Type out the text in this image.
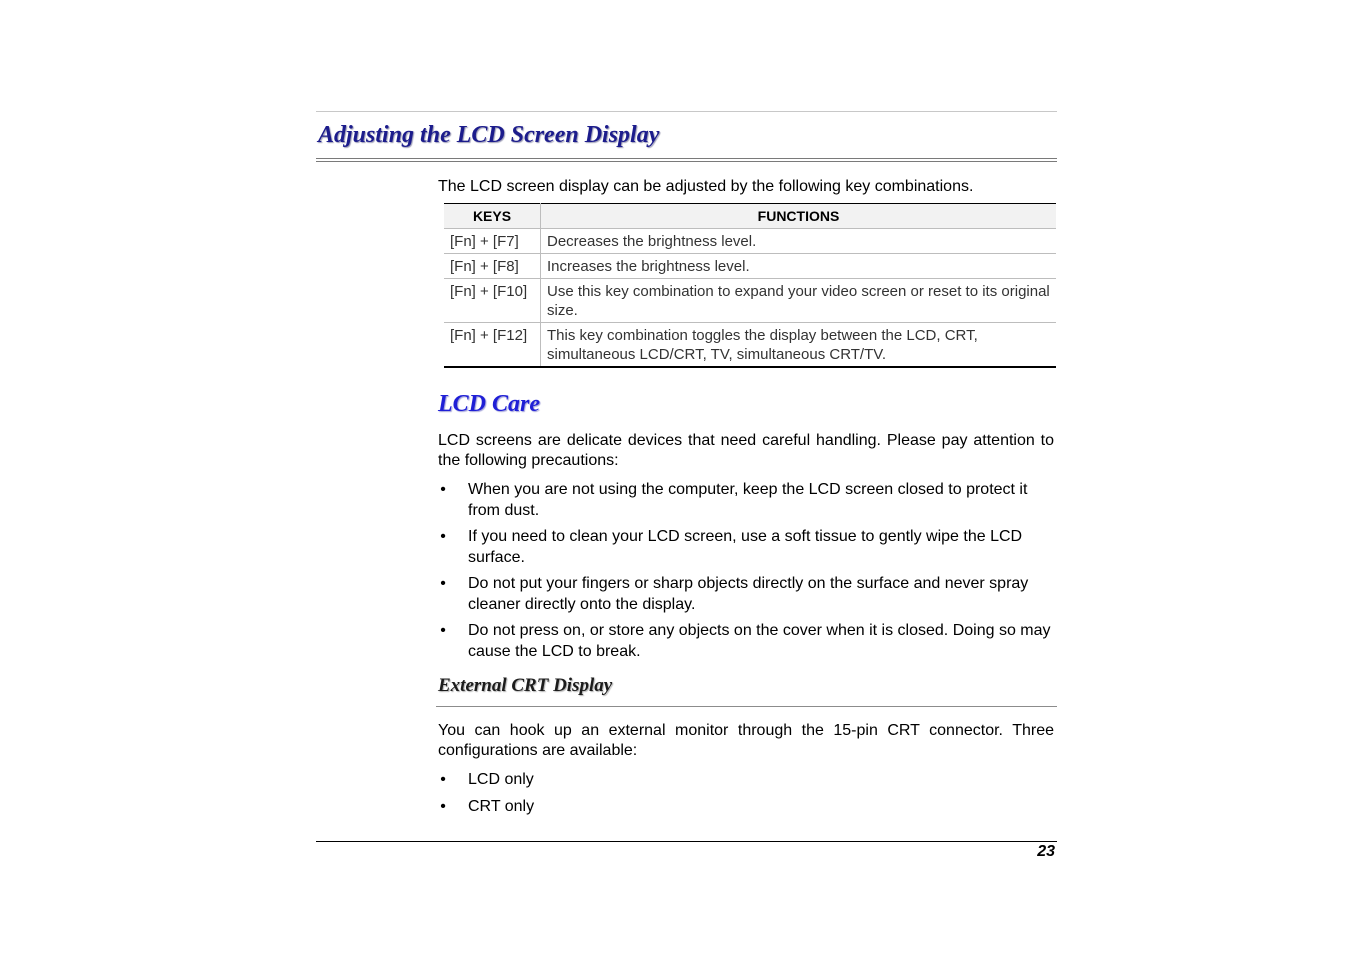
Adjusting the LCD Screen Display

The LCD screen display can be adjusted by the following key combinations.

KEYS	FUNCTIONS
[Fn] + [F7]	Decreases the brightness level.
[Fn] + [F8]	Increases the brightness level.
[Fn] + [F10]	Use this key combination to expand your video screen or reset to its original size.
[Fn] + [F12]	This key combination toggles the display between the LCD, CRT, simultaneous LCD/CRT, TV, simultaneous CRT/TV.
LCD Care

LCD screens are delicate devices that need careful handling. Please pay attention to the following precautions:

• When you are not using the computer, keep the LCD screen closed to protect it from dust.
• If you need to clean your LCD screen, use a soft tissue to gently wipe the LCD surface.
• Do not put your fingers or sharp objects directly on the surface and never spray cleaner directly onto the display.
• Do not press on, or store any objects on the cover when it is closed. Doing so may cause the LCD to break.
External CRT Display

You can hook up an external monitor through the 15-pin CRT connector. Three configurations are available:

• LCD only
• CRT only
23
